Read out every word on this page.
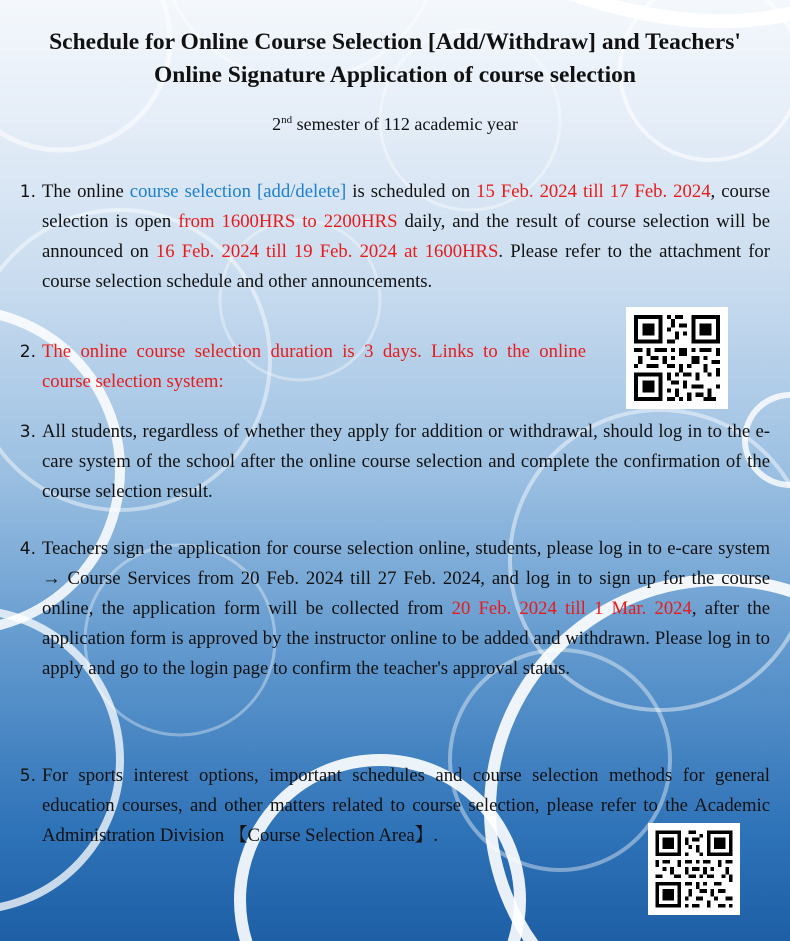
Schedule for Online Course Selection [Add/Withdraw] and Teachers'
Online Signature Application of course selection
2nd semester of 112 academic year
1. The online course selection [add/delete] is scheduled on 15 Feb. 2024 till 17 Feb. 2024, course selection is open from 1600HRS to 2200HRS daily, and the result of course selection will be announced on 16 Feb. 2024 till 19 Feb. 2024 at 1600HRS. Please refer to the attachment for course selection schedule and other announcements.
2. The online course selection duration is 3 days. Links to the online course selection system:
3. All students, regardless of whether they apply for addition or withdrawal, should log in to the e-care system of the school after the online course selection and complete the confirmation of the course selection result.
4. Teachers sign the application for course selection online, students, please log in to e-care system → Course Services from 20 Feb. 2024 till 27 Feb. 2024, and log in to sign up for the course online, the application form will be collected from 20 Feb. 2024 till 1 Mar. 2024, after the application form is approved by the instructor online to be added and withdrawn. Please log in to apply and go to the login page to confirm the teacher's approval status.
5. For sports interest options, important schedules and course selection methods for general education courses, and other matters related to course selection, please refer to the Academic Administration Division 【Course Selection Area】.
